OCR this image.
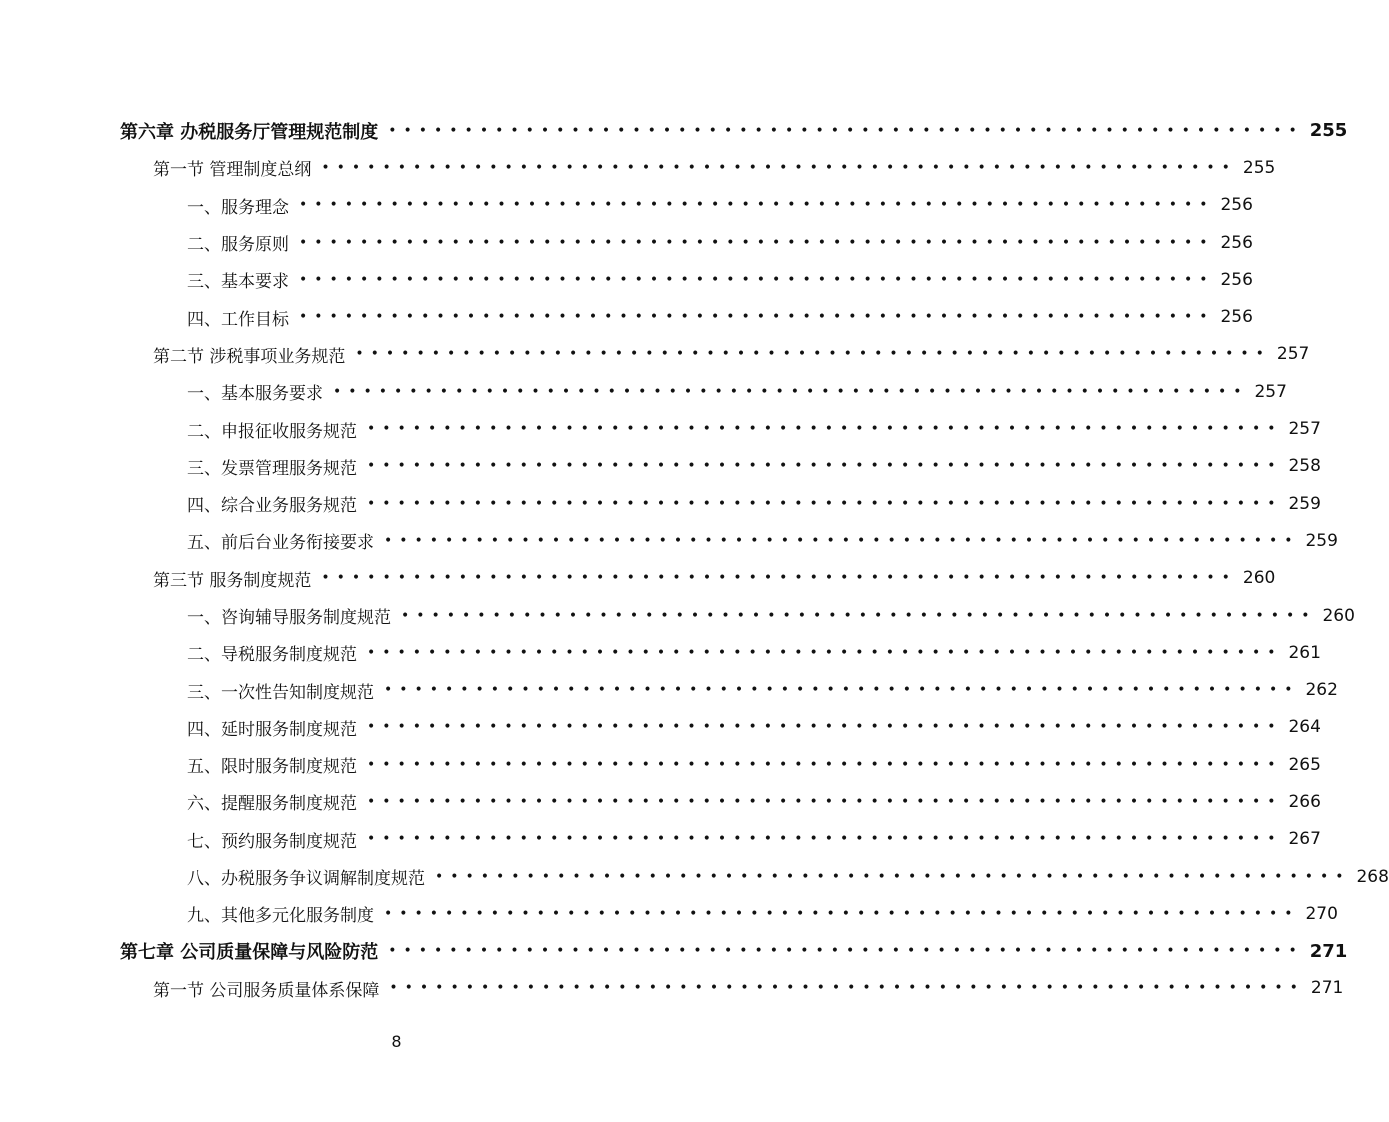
第六章 办税服务厅管理规范制度 •••••••••••••••••••••••••••••••••••••••••••••••••••••••••••• 255
第一节 管理制度总纲 •••••••••••••••••••••••••••••••••••••••••••••••••••••••••••• 255
一、服务理念 •••••••••••••••••••••••••••••••••••••••••••••••••••••••••••• 256
二、服务原则 •••••••••••••••••••••••••••••••••••••••••••••••••••••••••••• 256
三、基本要求 •••••••••••••••••••••••••••••••••••••••••••••••••••••••••••• 256
四、工作目标 •••••••••••••••••••••••••••••••••••••••••••••••••••••••••••• 256
第二节 涉税事项业务规范 •••••••••••••••••••••••••••••••••••••••••••••••••••••••••••• 257
一、基本服务要求 •••••••••••••••••••••••••••••••••••••••••••••••••••••••••••• 257
二、申报征收服务规范 •••••••••••••••••••••••••••••••••••••••••••••••••••••••••••• 257
三、发票管理服务规范 •••••••••••••••••••••••••••••••••••••••••••••••••••••••••••• 258
四、综合业务服务规范 •••••••••••••••••••••••••••••••••••••••••••••••••••••••••••• 259
五、前后台业务衔接要求 •••••••••••••••••••••••••••••••••••••••••••••••••••••••••••• 259
第三节 服务制度规范 •••••••••••••••••••••••••••••••••••••••••••••••••••••••••••• 260
一、咨询辅导服务制度规范 •••••••••••••••••••••••••••••••••••••••••••••••••••••••••••• 260
二、导税服务制度规范 •••••••••••••••••••••••••••••••••••••••••••••••••••••••••••• 261
三、一次性告知制度规范 •••••••••••••••••••••••••••••••••••••••••••••••••••••••••••• 262
四、延时服务制度规范 •••••••••••••••••••••••••••••••••••••••••••••••••••••••••••• 264
五、限时服务制度规范 •••••••••••••••••••••••••••••••••••••••••••••••••••••••••••• 265
六、提醒服务制度规范 •••••••••••••••••••••••••••••••••••••••••••••••••••••••••••• 266
七、预约服务制度规范 •••••••••••••••••••••••••••••••••••••••••••••••••••••••••••• 267
八、办税服务争议调解制度规范 •••••••••••••••••••••••••••••••••••••••••••••••••••••••••••• 268
九、其他多元化服务制度 •••••••••••••••••••••••••••••••••••••••••••••••••••••••••••• 270
第七章 公司质量保障与风险防范 •••••••••••••••••••••••••••••••••••••••••••••••••••••••••••• 271
第一节 公司服务质量体系保障 •••••••••••••••••••••••••••••••••••••••••••••••••••••••••••• 271
8
